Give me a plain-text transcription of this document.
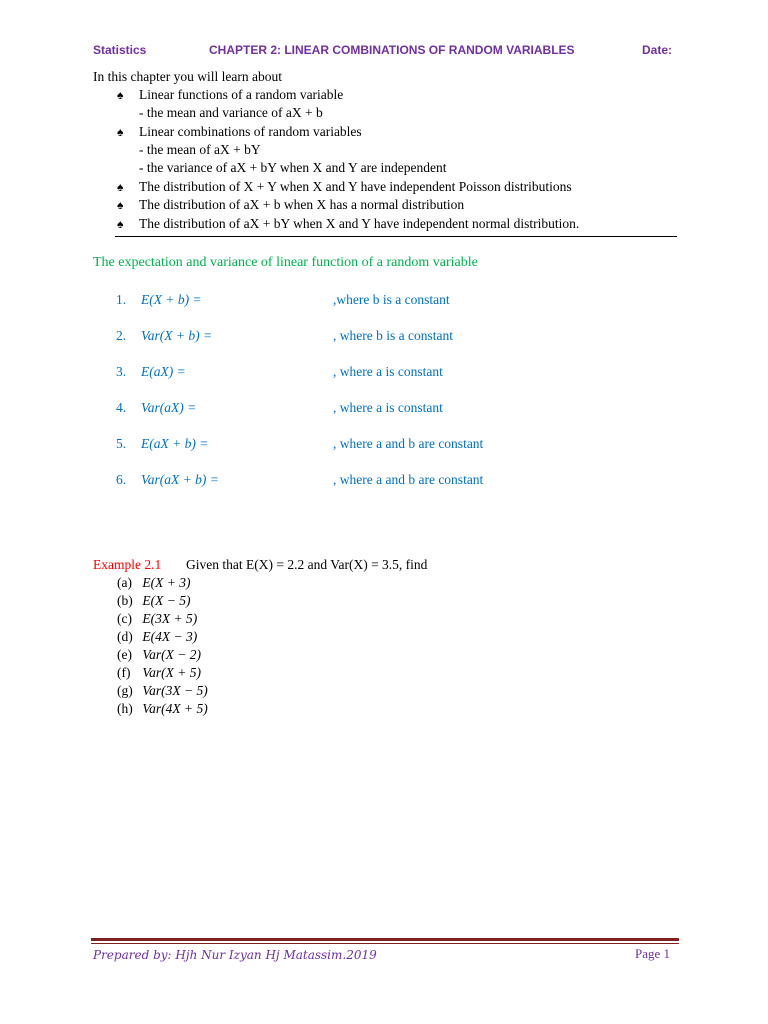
Statistics	CHAPTER 2: LINEAR COMBINATIONS OF RANDOM VARIABLES	Date:
In this chapter you will learn about
♠	Linear functions of a random variable
- the mean and variance of aX + b
♠	Linear combinations of random variables
- the mean of aX + bY
- the variance of aX + bY when X and Y are independent
♠	The distribution of X + Y when X and Y have independent Poisson distributions
♠	The distribution of aX + b when X has a normal distribution
♠	The distribution of aX + bY when X and Y have independent normal distribution.
The expectation and variance of linear function of a random variable
1. E(X + b) =	,where b is a constant
2. Var(X + b) =	, where b is a constant
3. E(aX) =	, where a is constant
4. Var(aX) =	, where a is constant
5. E(aX + b) =	, where a and b are constant
6. Var(aX + b) =	, where a and b are constant
Example 2.1 Given that E(X) = 2.2 and Var(X) = 3.5, find
(a) E(X + 3)
(b) E(X − 5)
(c) E(3X + 5)
(d) E(4X − 3)
(e) Var(X − 2)
(f) Var(X + 5)
(g) Var(3X − 5)
(h) Var(4X + 5)
Prepared by: Hjh Nur Izyan Hj Matassim.2019	Page 1
